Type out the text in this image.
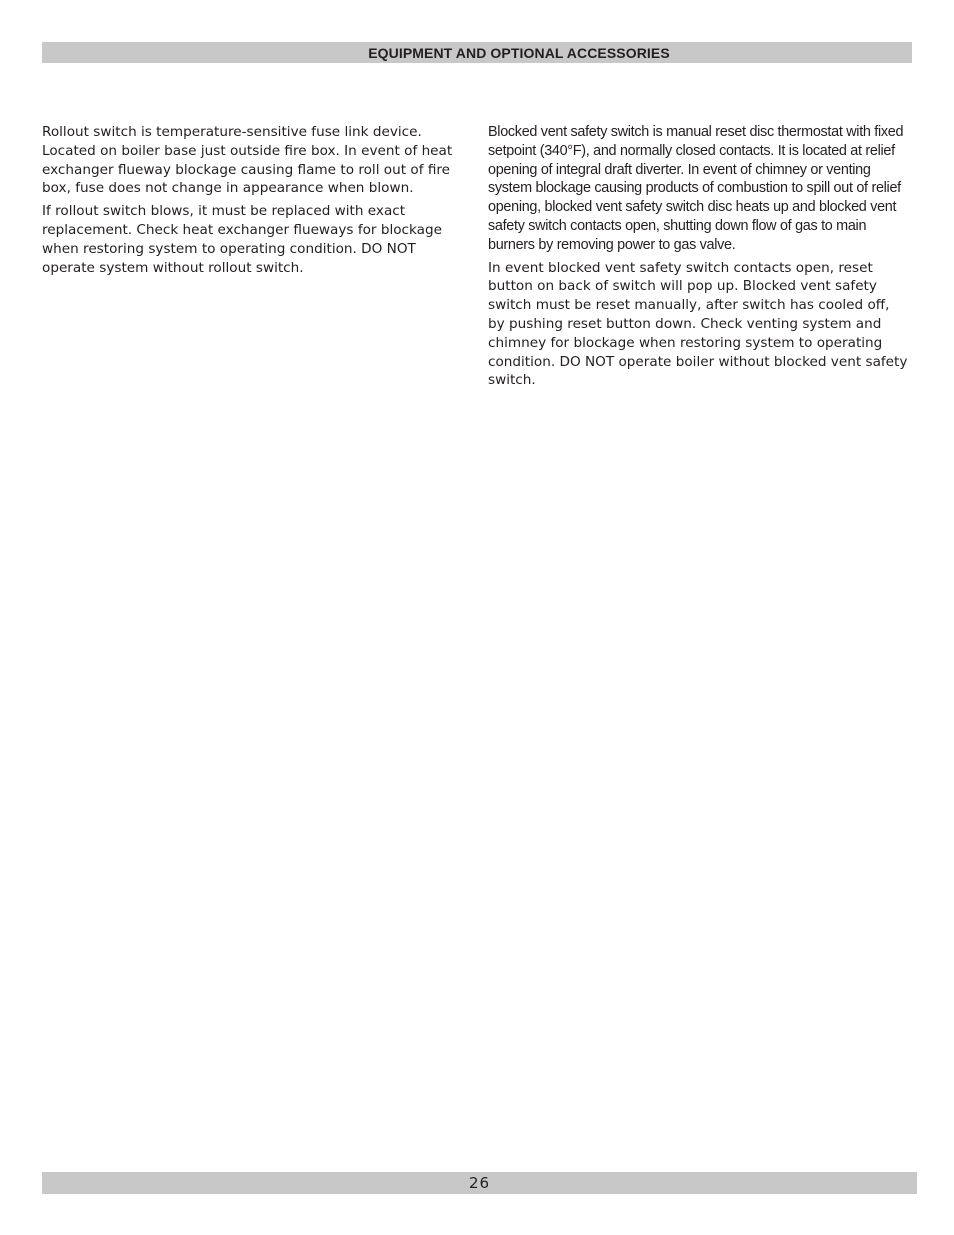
EQUIPMENT AND OPTIONAL ACCESSORIES

Rollout switch is temperature-sensitive fuse link device. Located on boiler base just outside fire box. In event of heat exchanger flueway blockage causing flame to roll out of fire box, fuse does not change in appearance when blown.

If rollout switch blows, it must be replaced with exact replacement. Check heat exchanger flueways for blockage when restoring system to operating condition. DO NOT operate system without rollout switch.

Blocked vent safety switch is manual reset disc thermostat with fixed setpoint (340°F), and normally closed contacts. It is located at relief opening of integral draft diverter. In event of chimney or venting system blockage causing products of combustion to spill out of relief opening, blocked vent safety switch disc heats up and blocked vent safety switch contacts open, shutting down flow of gas to main burners by removing power to gas valve.

In event blocked vent safety switch contacts open, reset button on back of switch will pop up. Blocked vent safety switch must be reset manually, after switch has cooled off, by pushing reset button down. Check venting system and chimney for blockage when restoring system to operating condition. DO NOT operate boiler without blocked vent safety switch.

26
